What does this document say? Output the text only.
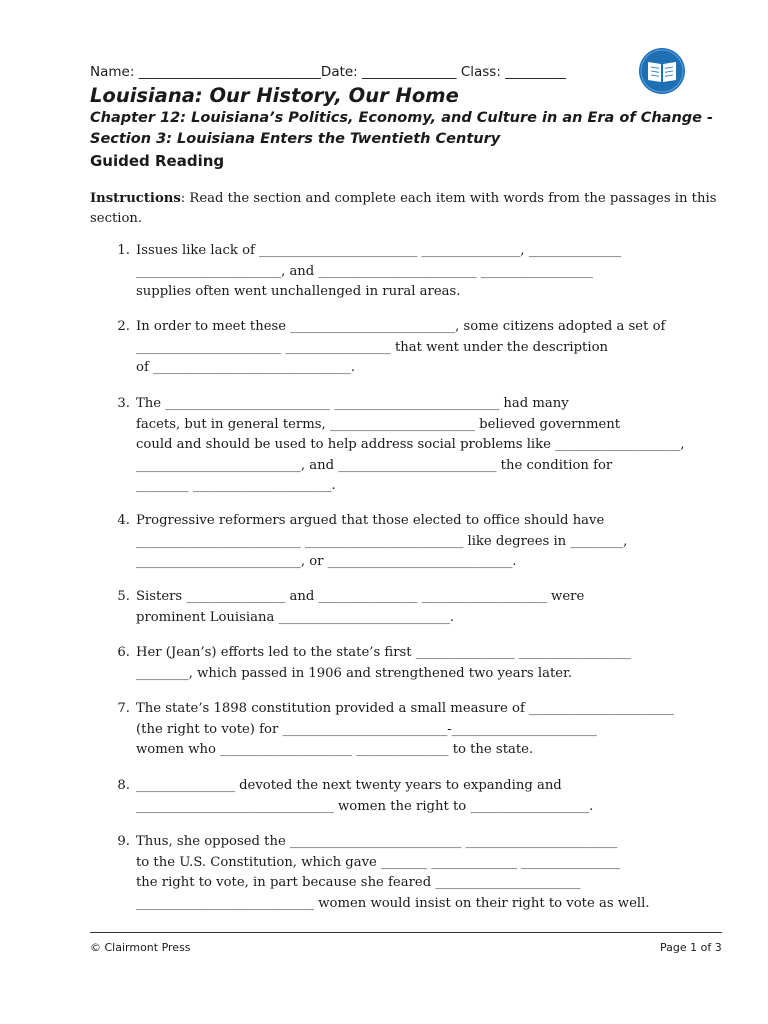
Name: ___________________________Date: ______________ Class: _________
Louisiana: Our History, Our Home
Chapter 12: Louisiana’s Politics, Economy, and Culture in an Era of Change -
Section 3: Louisiana Enters the Twentieth Century
Guided Reading
Instructions: Read the section and complete each item with words from the passages in this section.
1. Issues like lack of ________________________ _______________, ______________
______________________, and ________________________ _________________
supplies often went unchallenged in rural areas.
2. In order to meet these _________________________, some citizens adopted a set of
______________________ ________________ that went under the description
of ______________________________.
3. The _________________________ _________________________ had many
facets, but in general terms, ______________________ believed government
could and should be used to help address social problems like ___________________,
_________________________, and ________________________ the condition for
________ _____________________.
4. Progressive reformers argued that those elected to office should have
_________________________ ________________________ like degrees in ________,
_________________________, or ____________________________.
5. Sisters _______________ and _______________ ___________________ were
prominent Louisiana __________________________.
6. Her (Jean’s) efforts led to the state’s first _______________ _________________
________, which passed in 1906 and strengthened two years later.
7. The state’s 1898 constitution provided a small measure of ______________________
(the right to vote) for _________________________-______________________
women who ____________________ ______________ to the state.
8. _______________ devoted the next twenty years to expanding and
______________________________ women the right to __________________.
9. Thus, she opposed the __________________________ _______________________
to the U.S. Constitution, which gave _______ _____________ _______________
the right to vote, in part because she feared ______________________
___________________________ women would insist on their right to vote as well.
© Clairmont Press	Page 1 of 3
